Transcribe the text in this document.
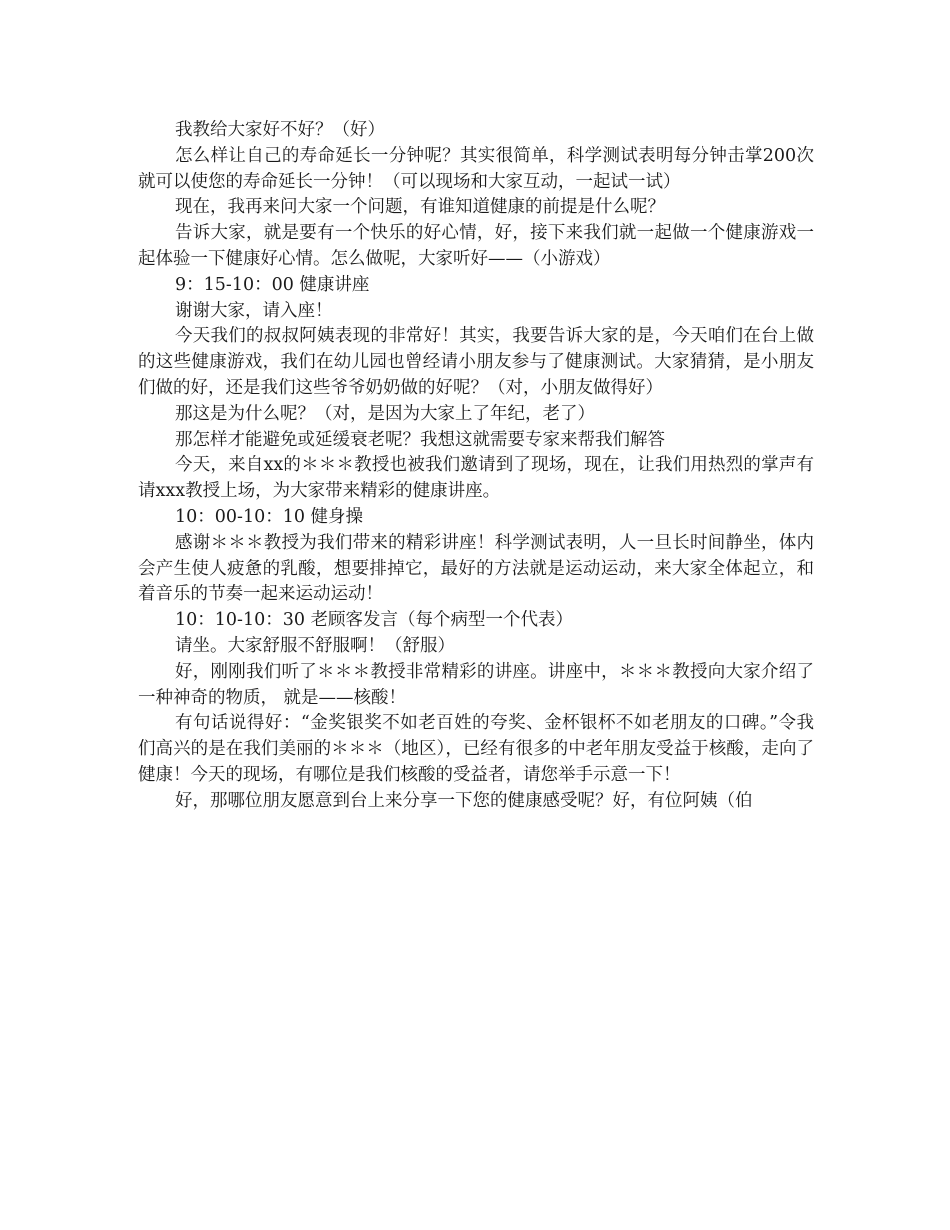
我教给大家好不好？（好）

怎么样让自己的寿命延长一分钟呢？其实很简单，科学测试表明每分钟击掌200次就可以使您的寿命延长一分钟！（可以现场和大家互动，一起试一试）

现在，我再来问大家一个问题，有谁知道健康的前提是什么呢？

告诉大家，就是要有一个快乐的好心情，好，接下来我们就一起做一个健康游戏一起体验一下健康好心情。怎么做呢，大家听好——（小游戏）

9：15-10：00 健康讲座

谢谢大家，请入座！

今天我们的叔叔阿姨表现的非常好！其实，我要告诉大家的是，今天咱们在台上做的这些健康游戏，我们在幼儿园也曾经请小朋友参与了健康测试。大家猜猜，是小朋友们做的好，还是我们这些爷爷奶奶做的好呢？（对，小朋友做得好）

那这是为什么呢？（对，是因为大家上了年纪，老了）

那怎样才能避免或延缓衰老呢？我想这就需要专家来帮我们解答

今天，来自xx的＊＊＊教授也被我们邀请到了现场，现在，让我们用热烈的掌声有请xxx教授上场，为大家带来精彩的健康讲座。

10：00-10：10 健身操

感谢＊＊＊教授为我们带来的精彩讲座！科学测试表明，人一旦长时间静坐，体内会产生使人疲惫的乳酸，想要排掉它，最好的方法就是运动运动，来大家全体起立，和着音乐的节奏一起来运动运动！

10：10-10：30 老顾客发言（每个病型一个代表）

请坐。大家舒服不舒服啊！（舒服）

好，刚刚我们听了＊＊＊教授非常精彩的讲座。讲座中，＊＊＊教授向大家介绍了一种神奇的物质， 就是——核酸！

有句话说得好：“金奖银奖不如老百姓的夸奖、金杯银杯不如老朋友的口碑。”令我们高兴的是在我们美丽的＊＊＊（地区），已经有很多的中老年朋友受益于核酸，走向了健康！今天的现场，有哪位是我们核酸的受益者，请您举手示意一下！

好，那哪位朋友愿意到台上来分享一下您的健康感受呢？好，有位阿姨（伯
